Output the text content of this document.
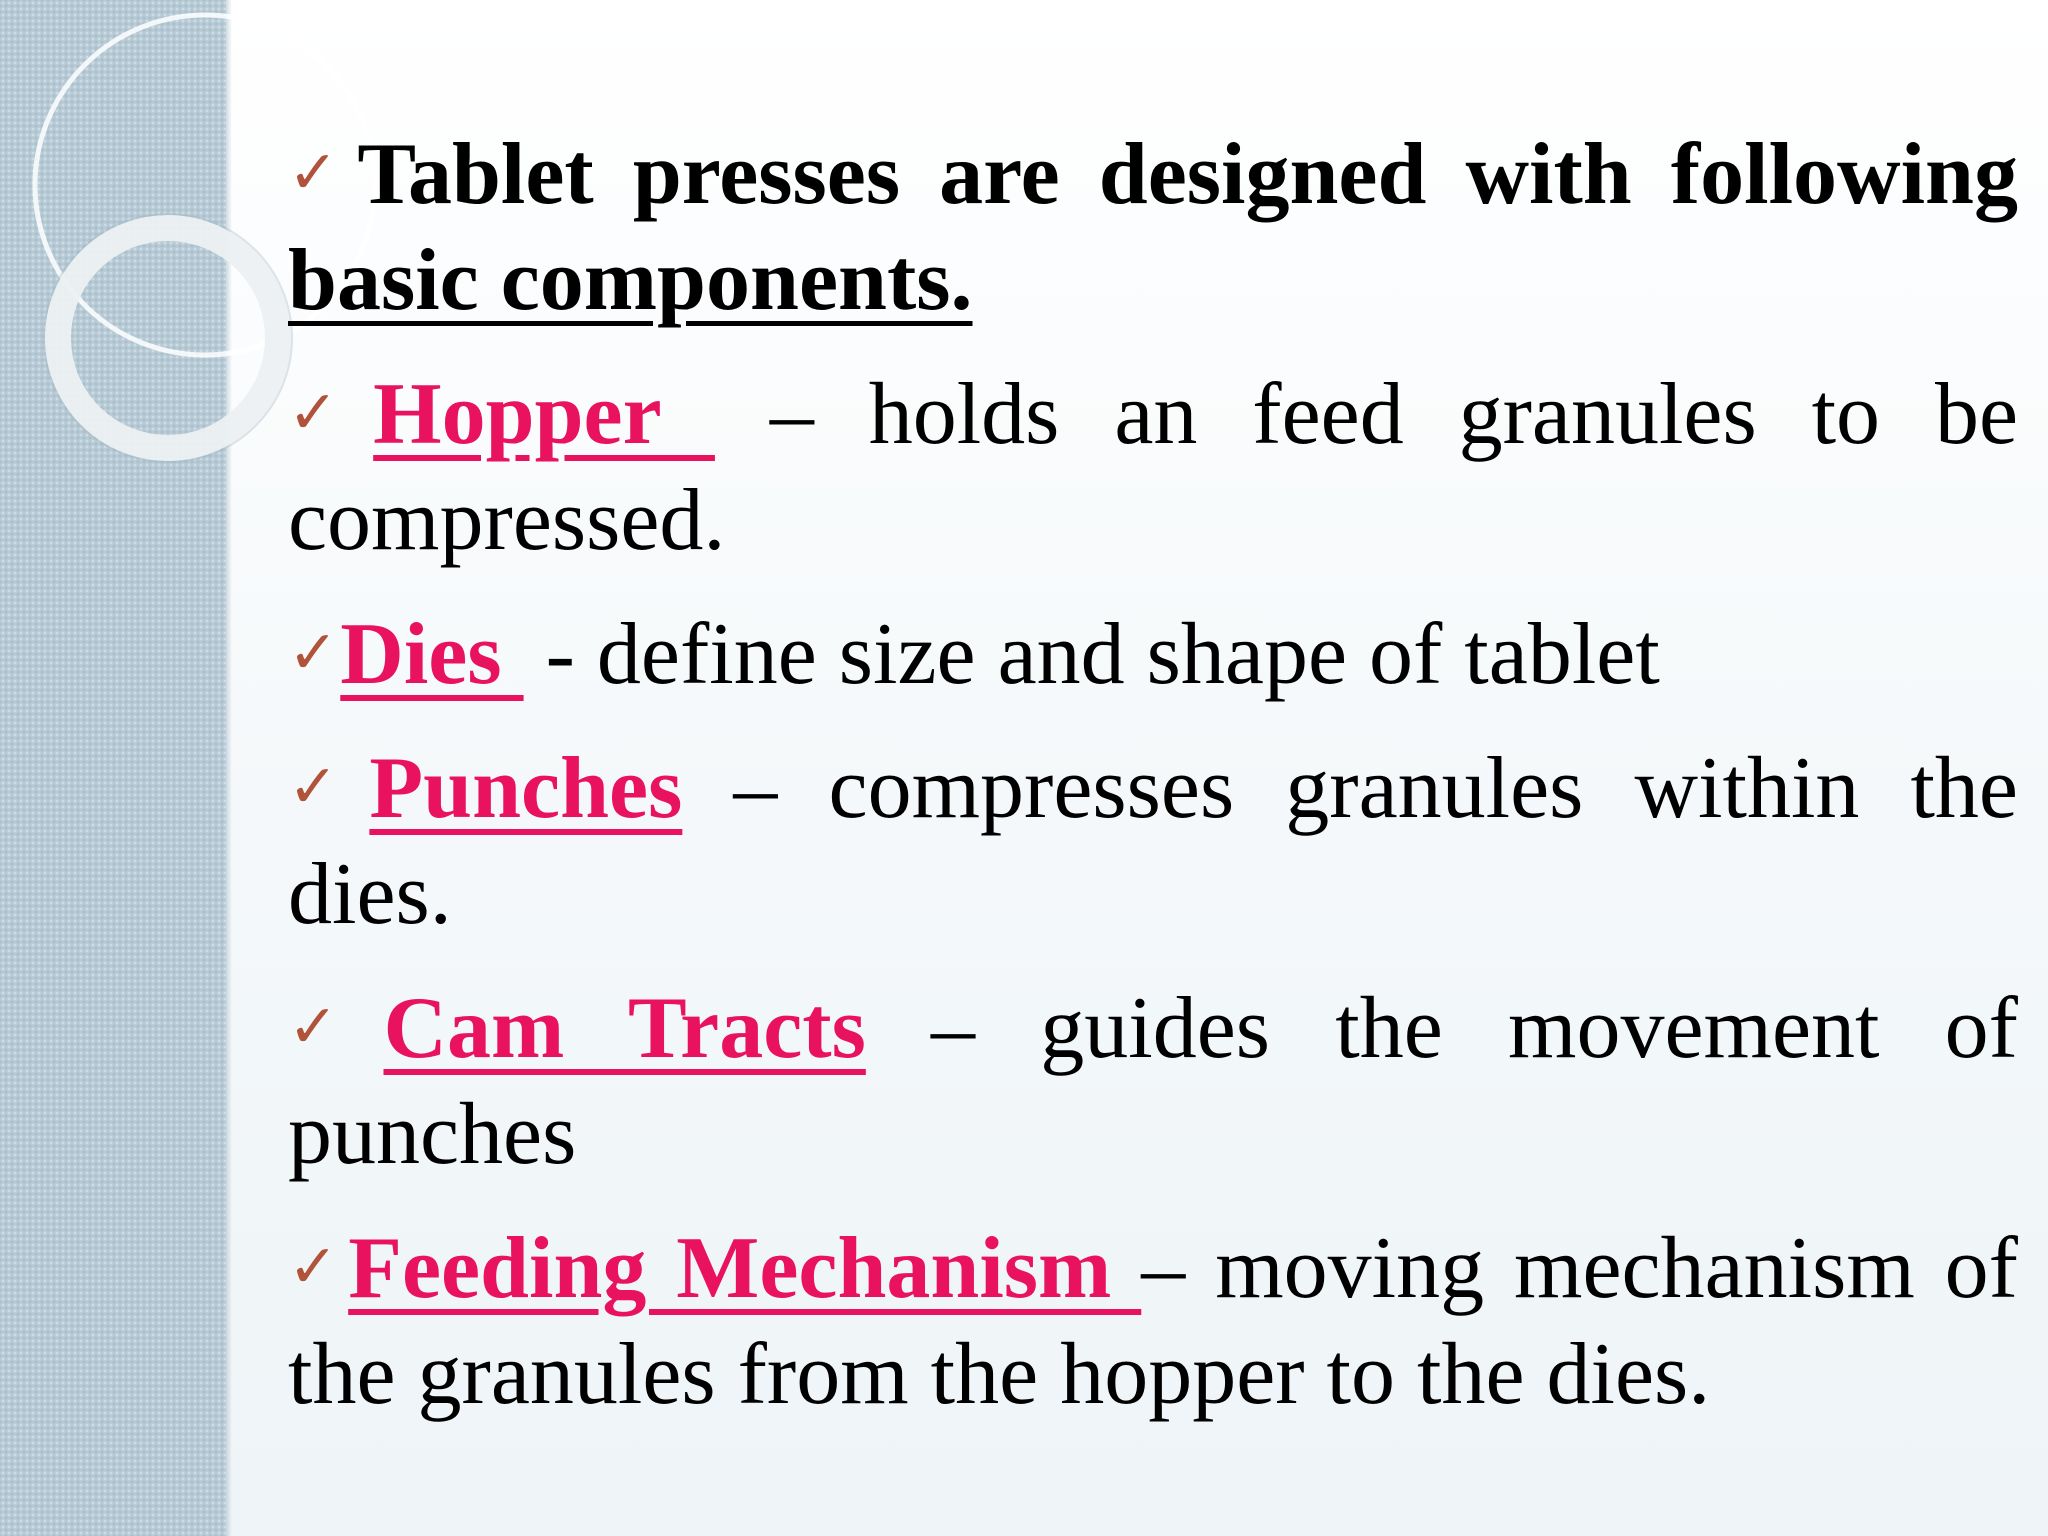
✓Tablet presses are designed with following basic components.

✓Hopper  – holds an feed granules to be compressed.

✓Dies  - define size and shape of tablet

✓Punches – compresses granules within the dies.

✓Cam Tracts – guides the movement of punches

✓Feeding Mechanism – moving mechanism of the granules from the hopper to the dies.
